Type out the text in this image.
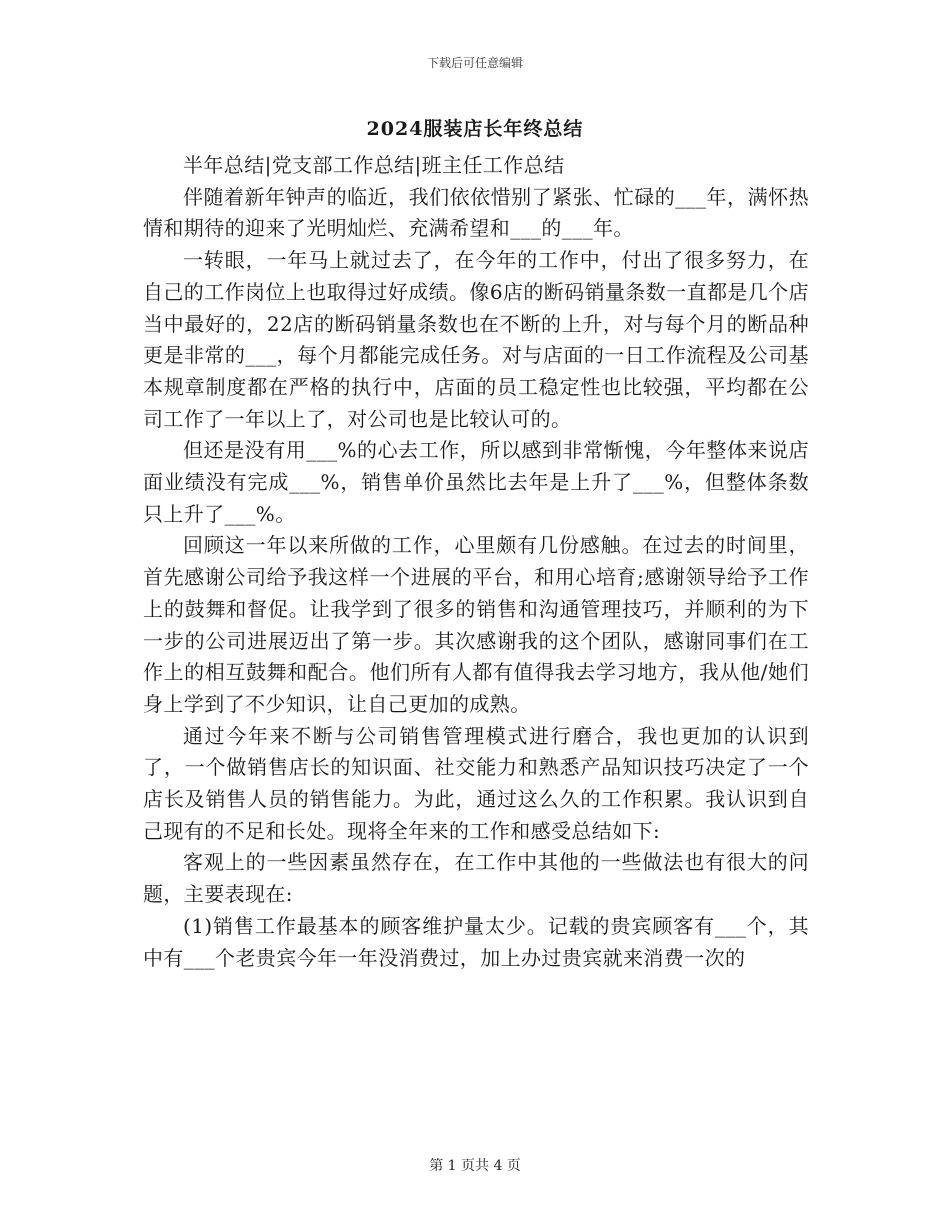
下载后可任意编辑
2024服装店长年终总结

半年总结|党支部工作总结|班主任工作总结

伴随着新年钟声的临近，我们依依惜别了紧张、忙碌的___年，满怀热情和期待的迎来了光明灿烂、充满希望和___的___年。

一转眼，一年马上就过去了，在今年的工作中，付出了很多努力，在自己的工作岗位上也取得过好成绩。像6店的断码销量条数一直都是几个店当中最好的，22店的断码销量条数也在不断的上升，对与每个月的断品种更是非常的___，每个月都能完成任务。对与店面的一日工作流程及公司基本规章制度都在严格的执行中，店面的员工稳定性也比较强，平均都在公司工作了一年以上了，对公司也是比较认可的。

但还是没有用___%的心去工作，所以感到非常惭愧，今年整体来说店面业绩没有完成___%，销售单价虽然比去年是上升了___%，但整体条数只上升了___%。

回顾这一年以来所做的工作，心里颇有几份感触。在过去的时间里，首先感谢公司给予我这样一个进展的平台，和用心培育;感谢领导给予工作上的鼓舞和督促。让我学到了很多的销售和沟通管理技巧，并顺利的为下一步的公司进展迈出了第一步。其次感谢我的这个团队，感谢同事们在工作上的相互鼓舞和配合。他们所有人都有值得我去学习地方，我从他/她们身上学到了不少知识，让自己更加的成熟。

通过今年来不断与公司销售管理模式进行磨合，我也更加的认识到了，一个做销售店长的知识面、社交能力和熟悉产品知识技巧决定了一个店长及销售人员的销售能力。为此，通过这么久的工作积累。我认识到自己现有的不足和长处。现将全年来的工作和感受总结如下:

客观上的一些因素虽然存在，在工作中其他的一些做法也有很大的问题，主要表现在:

(1)销售工作最基本的顾客维护量太少。记载的贵宾顾客有___个，其中有___个老贵宾今年一年没消费过，加上办过贵宾就来消费一次的

第 1 页共 4 页
